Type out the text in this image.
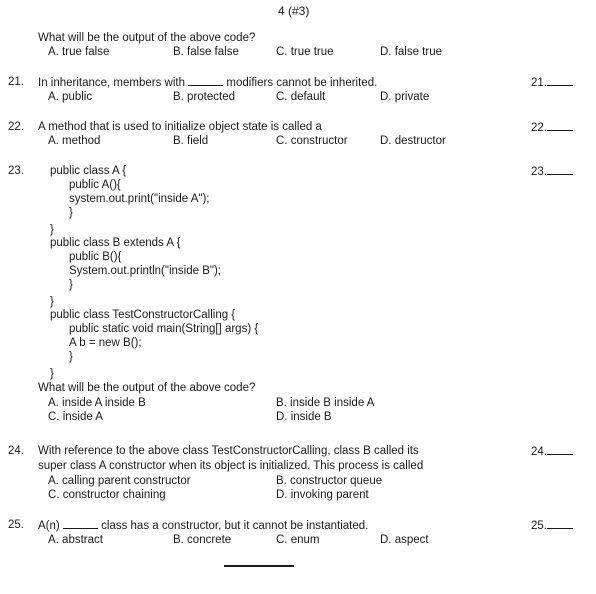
4 (#3)
What will be the output of the above code?
A. true false	B. false false	C. true true	D. false true
21. In inheritance, members with	modifiers cannot be inherited.	21.
A. public	B. protected	C. default	D. private
22. A method that is used to initialize object state is called a	22.
A. method	B. field	C. constructor	D. destructor
23.	23.
public class A {
public A(){
system.out.print("inside A");
}
}
public class B extends A {
public B(){
System.out.println("inside B");
}
}
public class TestConstructorCalling {
public static void main(String[] args) {
A b = new B();
}
}
What will be the output of the above code?
A. inside A inside B	B. inside B inside A
C. inside A	D. inside B
24. With reference to the above class TestConstructorCalling, class B called its
super class A constructor when its object is initialized. This process is called
24.
A. calling parent constructor	B. constructor queue
C. constructor chaining	D. invoking parent
25. A(n)	class has a constructor, but it cannot be instantiated.	25.
A. abstract	B. concrete	C. enum	D. aspect
